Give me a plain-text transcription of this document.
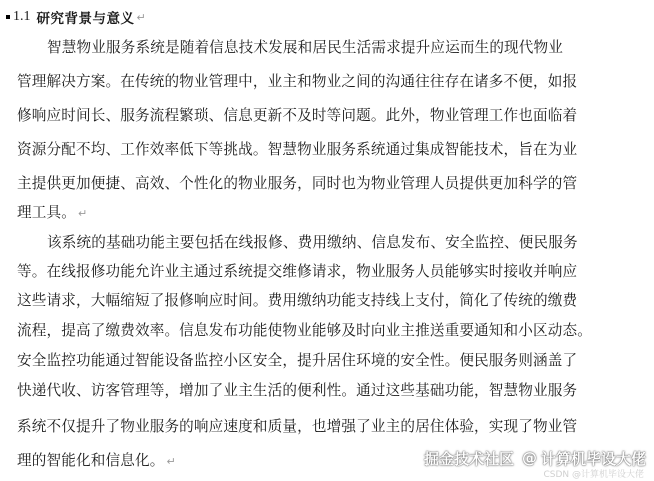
1.1 研究背景与意义 ↵
智慧物业服务系统是随着信息技术发展和居民生活需求提升应运而生的现代物业
管理解决方案。在传统的物业管理中，业主和物业之间的沟通往往存在诸多不便，如报
修响应时间长、服务流程繁琐、信息更新不及时等问题。此外，物业管理工作也面临着
资源分配不均、工作效率低下等挑战。智慧物业服务系统通过集成智能技术，旨在为业
主提供更加便捷、高效、个性化的物业服务，同时也为物业管理人员提供更加科学的管
理工具。 ↵
该系统的基础功能主要包括在线报修、费用缴纳、信息发布、安全监控、便民服务
等。在线报修功能允许业主通过系统提交维修请求，物业服务人员能够实时接收并响应
这些请求，大幅缩短了报修响应时间。费用缴纳功能支持线上支付，简化了传统的缴费
流程，提高了缴费效率。信息发布功能使物业能够及时向业主推送重要通知和小区动态。
安全监控功能通过智能设备监控小区安全，提升居住环境的安全性。便民服务则涵盖了
快递代收、访客管理等，增加了业主生活的便利性。通过这些基础功能，智慧物业服务
系统不仅提升了物业服务的响应速度和质量，也增强了业主的居住体验，实现了物业管
理的智能化和信息化。 ↵	掘金技术社区 @ 计算机毕设大佬
CSDN @计算机毕设大佬
